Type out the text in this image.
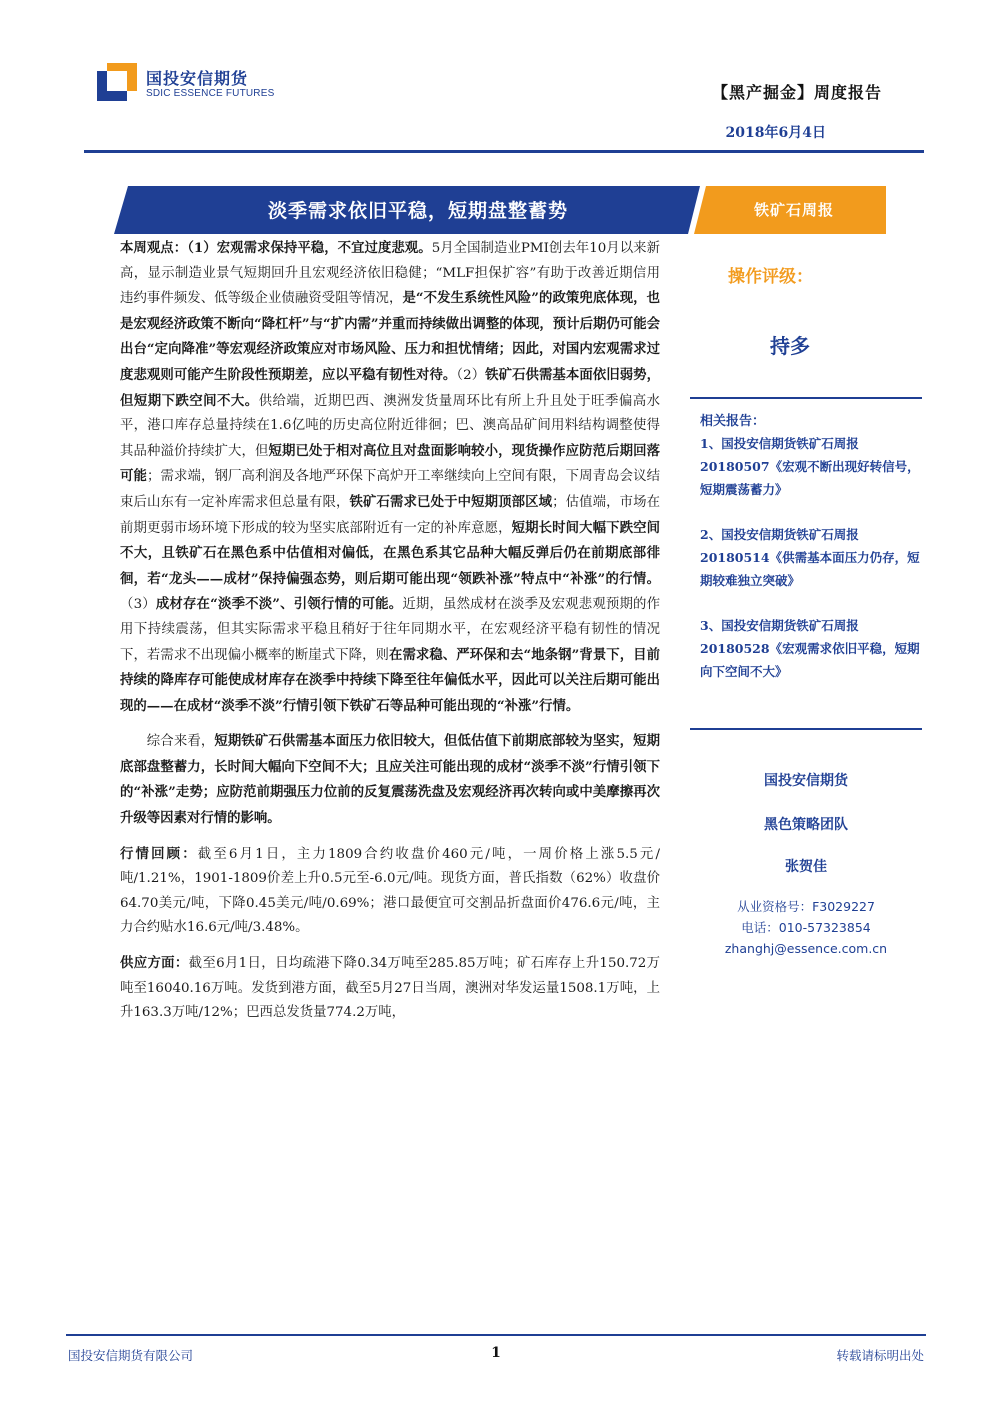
国投安信期货
SDIC ESSENCE FUTURES	【黑产掘金】周度报告
2018年6月4日
淡季需求依旧平稳，短期盘整蓄势	铁矿石周报

本周观点：（1）宏观需求保持平稳，不宜过度悲观。5月全国制造业PMI创去年10月以来新高，显示制造业景气短期回升且宏观经济依旧稳健；“MLF担保扩容”有助于改善近期信用违约事件频发、低等级企业债融资受阻等情况，是“不发生系统性风险”的政策兜底体现，也是宏观经济政策不断向“降杠杆”与“扩内需”并重而持续做出调整的体现，预计后期仍可能会出台“定向降准”等宏观经济政策应对市场风险、压力和担忧情绪；因此，对国内宏观需求过度悲观则可能产生阶段性预期差，应以平稳有韧性对待。（2）铁矿石供需基本面依旧弱势，但短期下跌空间不大。供给端，近期巴西、澳洲发货量周环比有所上升且处于旺季偏高水平，港口库存总量持续在1.6亿吨的历史高位附近徘徊；巴、澳高品矿间用料结构调整使得其品种溢价持续扩大，但短期已处于相对高位且对盘面影响较小，现货操作应防范后期回落可能；需求端，钢厂高利润及各地严环保下高炉开工率继续向上空间有限，下周青岛会议结束后山东有一定补库需求但总量有限，铁矿石需求已处于中短期顶部区域；估值端，市场在前期更弱市场环境下形成的较为坚实底部附近有一定的补库意愿，短期长时间大幅下跌空间不大，且铁矿石在黑色系中估值相对偏低，在黑色系其它品种大幅反弹后仍在前期底部徘徊，若“龙头——成材”保持偏强态势，则后期可能出现“领跌补涨”特点中“补涨”的行情。（3）成材存在“淡季不淡”、引领行情的可能。近期，虽然成材在淡季及宏观悲观预期的作用下持续震荡，但其实际需求平稳且稍好于往年同期水平，在宏观经济平稳有韧性的情况下，若需求不出现偏小概率的断崖式下降，则在需求稳、严环保和去“地条钢”背景下，目前持续的降库存可能使成材库存在淡季中持续下降至往年偏低水平，因此可以关注后期可能出现的——在成材“淡季不淡”行情引领下铁矿石等品种可能出现的“补涨”行情。

综合来看，短期铁矿石供需基本面压力依旧较大，但低估值下前期底部较为坚实，短期底部盘整蓄力，长时间大幅向下空间不大；且应关注可能出现的成材“淡季不淡”行情引领下的“补涨”走势；应防范前期强压力位前的反复震荡洗盘及宏观经济再次转向或中美摩擦再次升级等因素对行情的影响。

行情回顾：截至6月1日，主力1809合约收盘价460元/吨，一周价格上涨5.5元/吨/1.21%，1901-1809价差上升0.5元至-6.0元/吨。现货方面，普氏指数（62%）收盘价64.70美元/吨，下降0.45美元/吨/0.69%；港口最便宜可交割品折盘面价476.6元/吨，主力合约贴水16.6元/吨/3.48%。

供应方面：截至6月1日，日均疏港下降0.34万吨至285.85万吨；矿石库存上升150.72万吨至16040.16万吨。发货到港方面，截至5月27日当周，澳洲对华发运量1508.1万吨，上升163.3万吨/12%；巴西总发货量774.2万吨，

操作评级：
持多
相关报告：
1、国投安信期货铁矿石周报20180507《宏观不断出现好转信号，短期震荡蓄力》
2、国投安信期货铁矿石周报20180514《供需基本面压力仍存，短期较难独立突破》
3、国投安信期货铁矿石周报20180528《宏观需求依旧平稳，短期向下空间不大》
国投安信期货
黑色策略团队
张贺佳
从业资格号：F3029227
电话：010-57323854
zhanghj@essence.com.cn
国投安信期货有限公司	1	转载请标明出处
